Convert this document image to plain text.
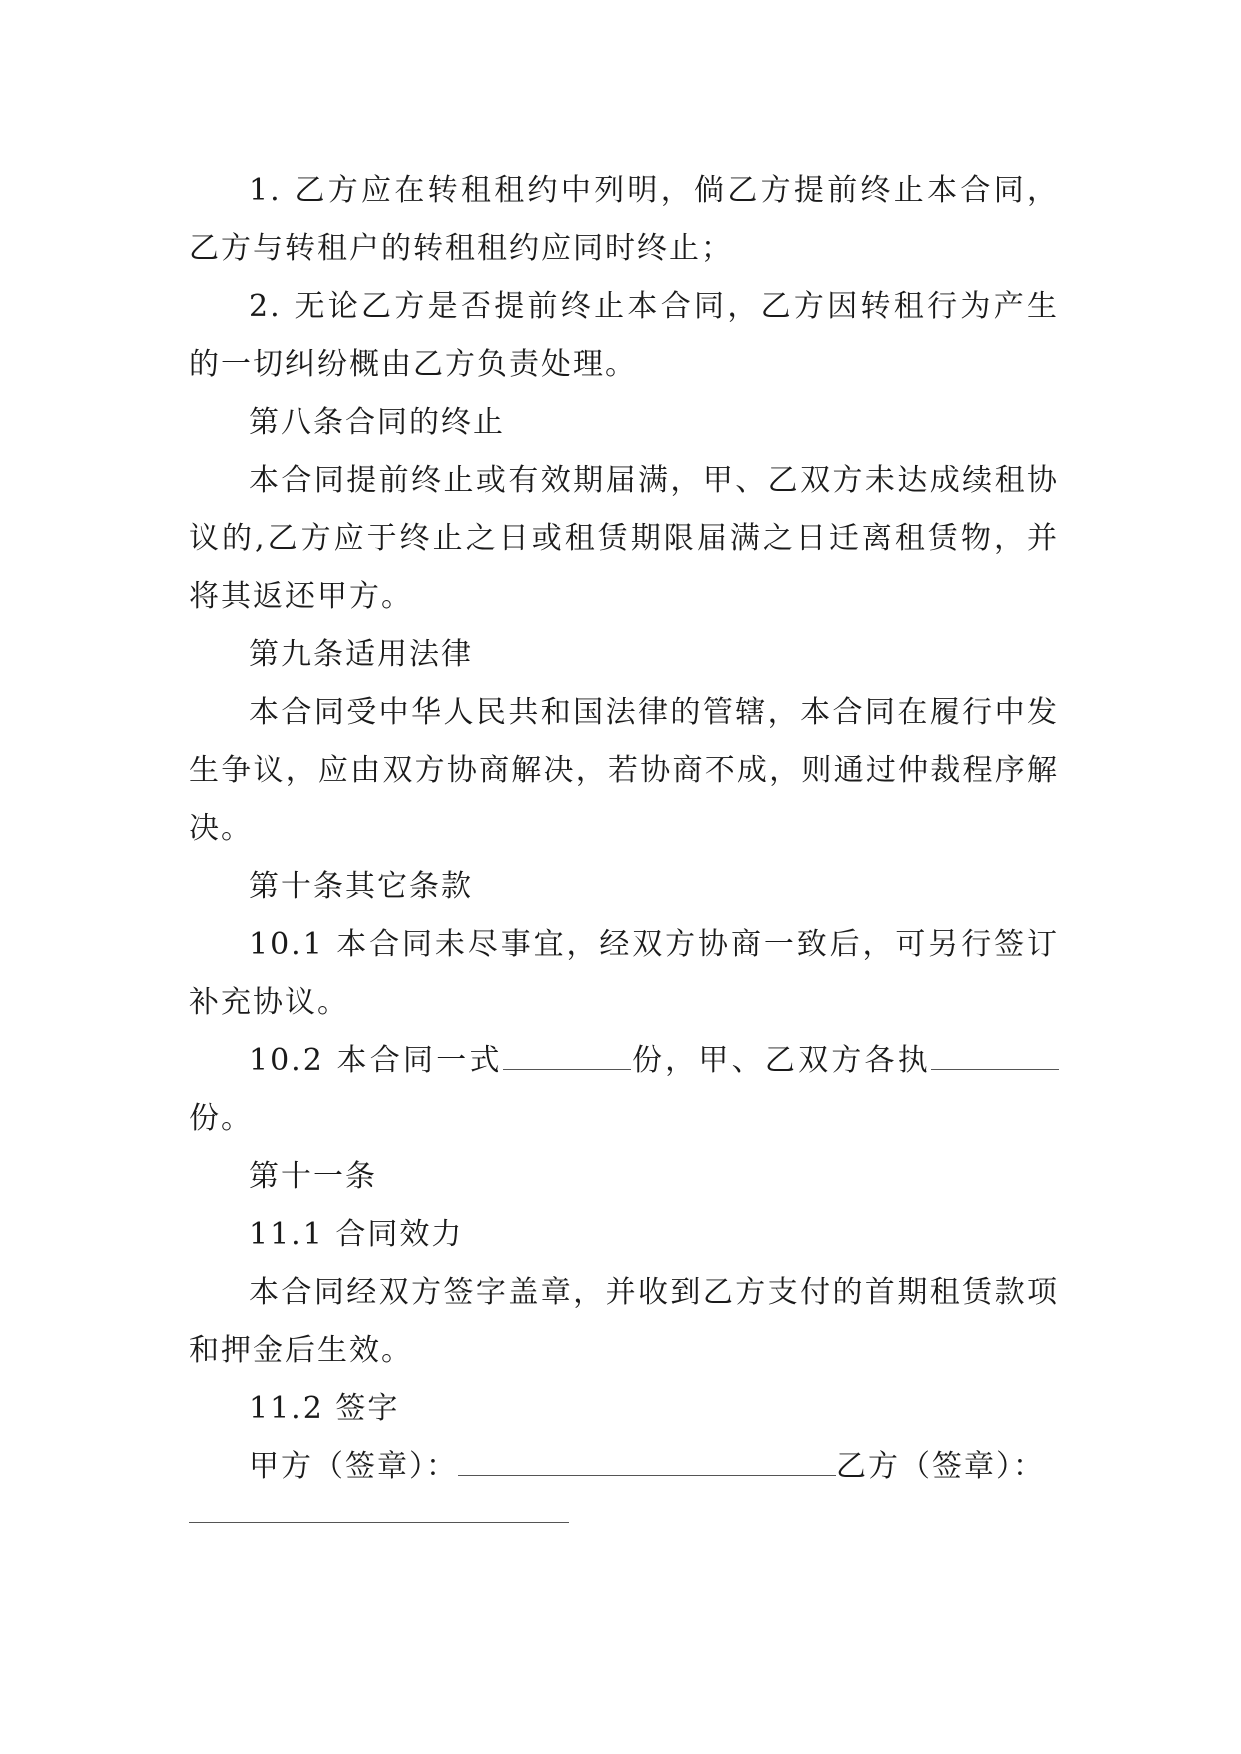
1. 乙方应在转租租约中列明，倘乙方提前终止本合同，乙方与转租户的转租租约应同时终止；

2. 无论乙方是否提前终止本合同，乙方因转租行为产生的一切纠纷概由乙方负责处理。

第八条合同的终止

本合同提前终止或有效期届满，甲、乙双方未达成续租协议的,乙方应于终止之日或租赁期限届满之日迁离租赁物，并将其返还甲方。

第九条适用法律

本合同受中华人民共和国法律的管辖，本合同在履行中发生争议，应由双方协商解决，若协商不成，则通过仲裁程序解决。

第十条其它条款

10.1 本合同未尽事宜，经双方协商一致后，可另行签订补充协议。

10.2 本合同一式	份，甲、乙双方各执份。

第十一条

11.1 合同效力

本合同经双方签字盖章，并收到乙方支付的首期租赁款项和押金后生效。

11.2 签字

甲方（签章）：	乙方（签章）：
